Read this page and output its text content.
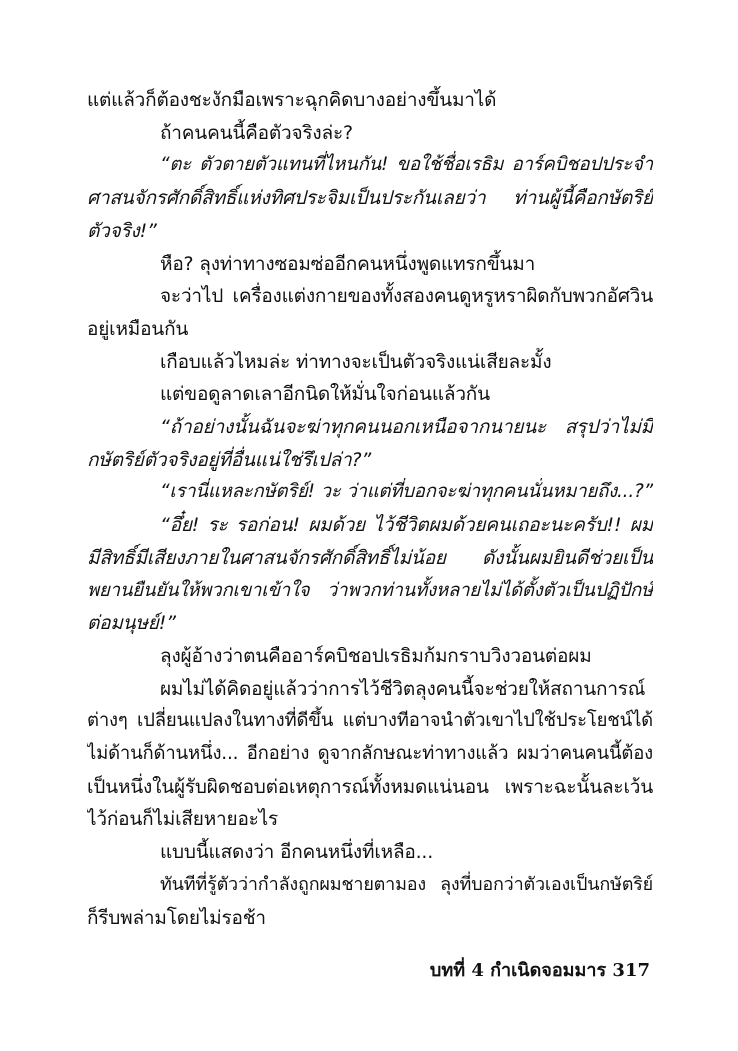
แต่แล้วก็ต้องชะงักมือเพราะฉุกคิดบางอย่างขึ้นมาได้
ถ้าคนคนนี้คือตัวจริงล่ะ?
“ตะ ตัวตายตัวแทนที่ไหนกัน! ขอใช้ชื่อเรธิม อาร์คบิชอปประจำ
ศาสนจักรศักดิ์สิทธิ์แห่งทิศประจิมเป็นประกันเลยว่า ท่านผู้นี้คือกษัตริย์
ตัวจริง!”
หือ? ลุงท่าทางซอมซ่ออีกคนหนึ่งพูดแทรกขึ้นมา
จะว่าไป เครื่องแต่งกายของทั้งสองคนดูหรูหราผิดกับพวกอัศวิน
อยู่เหมือนกัน
เกือบแล้วไหมล่ะ ท่าทางจะเป็นตัวจริงแน่เสียละมั้ง
แต่ขอดูลาดเลาอีกนิดให้มั่นใจก่อนแล้วกัน
“ถ้าอย่างนั้นฉันจะฆ่าทุกคนนอกเหนือจากนายนะ สรุปว่าไม่มี
กษัตริย์ตัวจริงอยู่ที่อื่นแน่ใช่รึเปล่า?”
“เรานี่แหละกษัตริย์! วะ ว่าแต่ที่บอกจะฆ่าทุกคนนั่นหมายถึง...?”
“อึ๋ย! ระ รอก่อน! ผมด้วย ไว้ชีวิตผมด้วยคนเถอะนะครับ!! ผม
มีสิทธิ์มีเสียงภายในศาสนจักรศักดิ์สิทธิ์ไม่น้อย ดังนั้นผมยินดีช่วยเป็น
พยานยืนยันให้พวกเขาเข้าใจ ว่าพวกท่านทั้งหลายไม่ได้ตั้งตัวเป็นปฏิปักษ์
ต่อมนุษย์!”
ลุงผู้อ้างว่าตนคืออาร์คบิชอปเรธิมก้มกราบวิงวอนต่อผม
ผมไม่ได้คิดอยู่แล้วว่าการไว้ชีวิตลุงคนนี้จะช่วยให้สถานการณ์
ต่างๆ เปลี่ยนแปลงในทางที่ดีขึ้น แต่บางทีอาจนำตัวเขาไปใช้ประโยชน์ได้
ไม่ด้านก็ด้านหนึ่ง... อีกอย่าง ดูจากลักษณะท่าทางแล้ว ผมว่าคนคนนี้ต้อง
เป็นหนึ่งในผู้รับผิดชอบต่อเหตุการณ์ทั้งหมดแน่นอน เพราะฉะนั้นละเว้น
ไว้ก่อนก็ไม่เสียหายอะไร
แบบนี้แสดงว่า อีกคนหนึ่งที่เหลือ...
ทันทีที่รู้ตัวว่ากำลังถูกผมชายตามอง ลุงที่บอกว่าตัวเองเป็นกษัตริย์
ก็รีบพล่ามโดยไม่รอช้า
บทที่ 4 กำเนิดจอมมาร 317
